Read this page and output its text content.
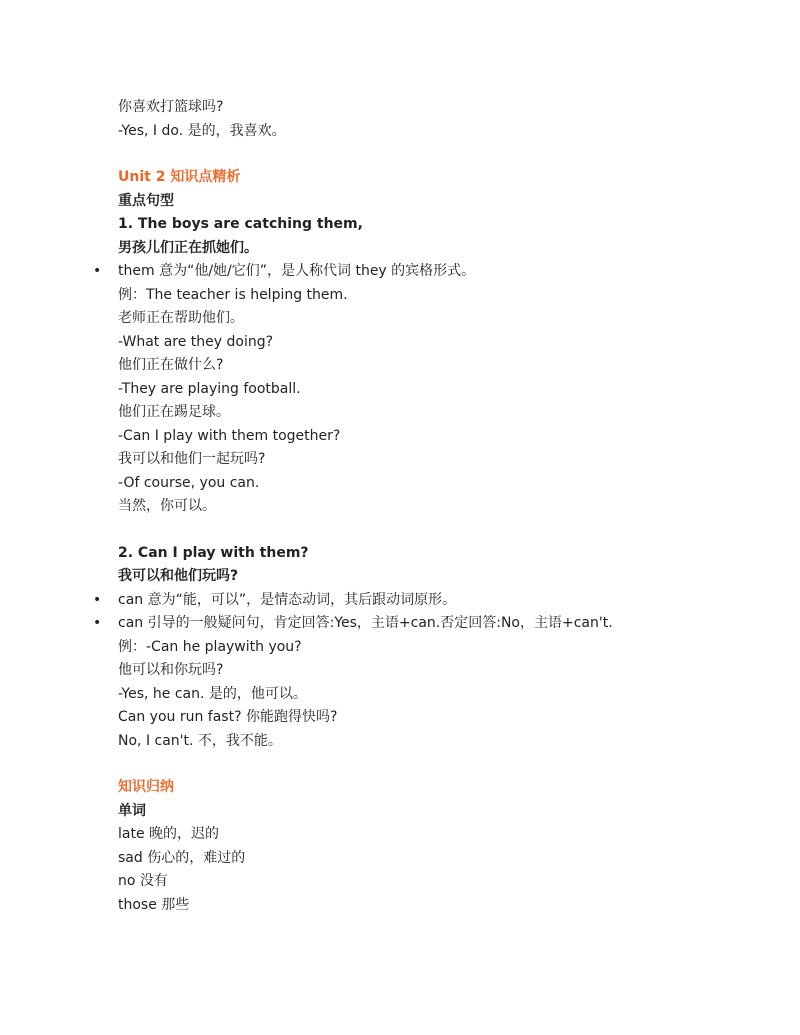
你喜欢打篮球吗?
-Yes, I do. 是的，我喜欢。
Unit 2 知识点精析
重点句型
1. The boys are catching them,
男孩儿们正在抓她们。
• them 意为“他/她/它们”，是人称代词 they 的宾格形式。
例：The teacher is helping them.
老师正在帮助他们。
-What are they doing?
他们正在做什么?
-They are playing football.
他们正在踢足球。
-Can I play with them together?
我可以和他们一起玩吗?
-Of course, you can.
当然，你可以。
2. Can I play with them?
我可以和他们玩吗?
• can 意为“能，可以”，是情态动词，其后跟动词原形。
• can 引导的一般疑问句，肯定回答:Yes，主语+can.否定回答:No，主语+can't.
例：-Can he playwith you?
他可以和你玩吗?
-Yes, he can. 是的，他可以。
Can you run fast? 你能跑得快吗?
No, I can't. 不，我不能。
知识归纳
单词
late 晚的，迟的
sad 伤心的，难过的
no 没有
those 那些
